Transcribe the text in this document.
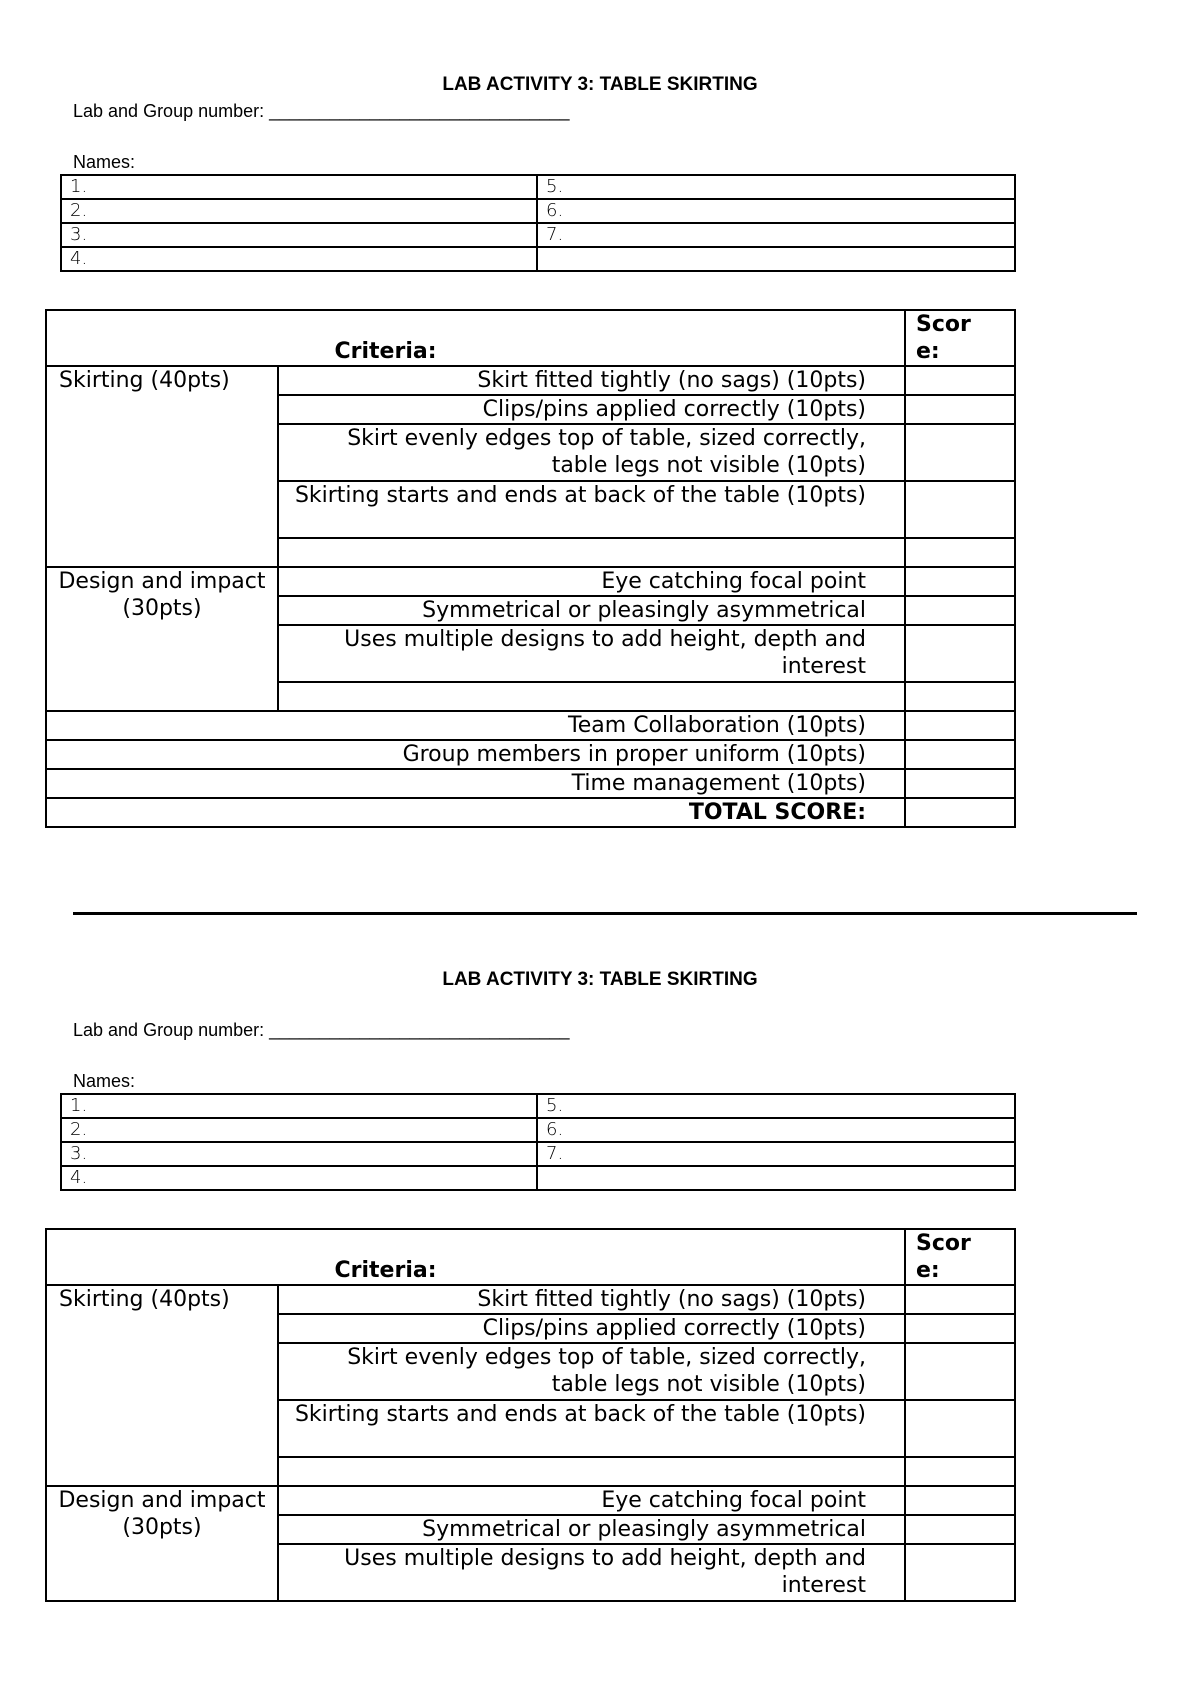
LAB ACTIVITY 3: TABLE SKIRTING
Lab and Group number: ______________________________
Names:
1.	5.
2.	6.
3.	7.
4.	
Criteria:		Scor
e:
Skirting (40pts)	Skirt fitted tightly (no sags) (10pts)	
	Clips/pins applied correctly (10pts)	
	Skirt evenly edges top of table, sized correctly, table legs not visible (10pts)	
	Skirting starts and ends at back of the table (10pts)	

Design and impact (30pts)	Eye catching focal point	
	Symmetrical or pleasingly asymmetrical	
	Uses multiple designs to add height, depth and interest	

Team Collaboration (10pts)		
Group members in proper uniform (10pts)		
Time management (10pts)		
TOTAL SCORE:		
LAB ACTIVITY 3: TABLE SKIRTING
Lab and Group number: ______________________________
Names:
1.	5.
2.	6.
3.	7.
4.	
Criteria:		Scor
e:
Skirting (40pts)	Skirt fitted tightly (no sags) (10pts)	
	Clips/pins applied correctly (10pts)	
	Skirt evenly edges top of table, sized correctly, table legs not visible (10pts)	
	Skirting starts and ends at back of the table (10pts)	

Design and impact (30pts)	Eye catching focal point	
	Symmetrical or pleasingly asymmetrical	
	Uses multiple designs to add height, depth and interest	
